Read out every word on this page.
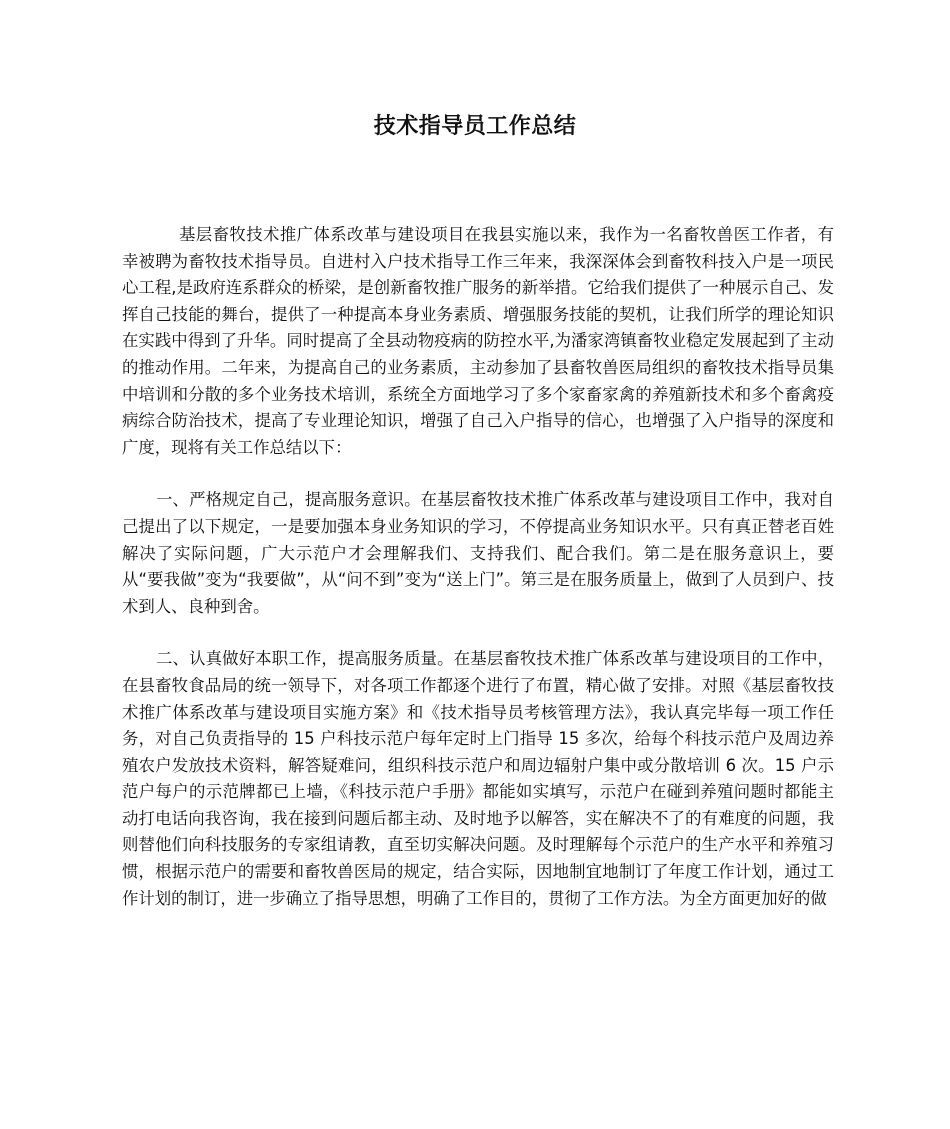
技术指导员工作总结

基层畜牧技术推广体系改革与建设项目在我县实施以来，我作为一名畜牧兽医工作者，有幸被聘为畜牧技术指导员。自进村入户技术指导工作三年来，我深深体会到畜牧科技入户是一项民心工程,是政府连系群众的桥梁，是创新畜牧推广服务的新举措。它给我们提供了一种展示自己、发挥自己技能的舞台，提供了一种提高本身业务素质、增强服务技能的契机，让我们所学的理论知识在实践中得到了升华。同时提高了全县动物疫病的防控水平,为潘家湾镇畜牧业稳定发展起到了主动的推动作用。二年来，为提高自己的业务素质，主动参加了县畜牧兽医局组织的畜牧技术指导员集中培训和分散的多个业务技术培训，系统全方面地学习了多个家畜家禽的养殖新技术和多个畜禽疫病综合防治技术，提高了专业理论知识，增强了自己入户指导的信心，也增强了入户指导的深度和广度，现将有关工作总结以下：

一、严格规定自己，提高服务意识。在基层畜牧技术推广体系改革与建设项目工作中，我对自己提出了以下规定，一是要加强本身业务知识的学习，不停提高业务知识水平。只有真正替老百姓解决了实际问题，广大示范户才会理解我们、支持我们、配合我们。第二是在服务意识上，要从“要我做”变为“我要做”，从“问不到”变为“送上门”。第三是在服务质量上，做到了人员到户、技术到人、良种到舍。

二、认真做好本职工作，提高服务质量。在基层畜牧技术推广体系改革与建设项目的工作中，在县畜牧食品局的统一领导下，对各项工作都逐个进行了布置，精心做了安排。对照《基层畜牧技术推广体系改革与建设项目实施方案》和《技术指导员考核管理方法》，我认真完毕每一项工作任务，对自己负责指导的 15 户科技示范户每年定时上门指导 15 多次，给每个科技示范户及周边养殖农户发放技术资料，解答疑难问，组织科技示范户和周边辐射户集中或分散培训 6 次。15 户示范户每户的示范牌都已上墙，《科技示范户手册》都能如实填写，示范户在碰到养殖问题时都能主动打电话向我咨询，我在接到问题后都主动、及时地予以解答，实在解决不了的有难度的问题，我则替他们向科技服务的专家组请教，直至切实解决问题。及时理解每个示范户的生产水平和养殖习惯，根据示范户的需要和畜牧兽医局的规定，结合实际，因地制宜地制订了年度工作计划，通过工作计划的制订，进一步确立了指导思想，明确了工作目的，贯彻了工作方法。为全方面更加好的做
